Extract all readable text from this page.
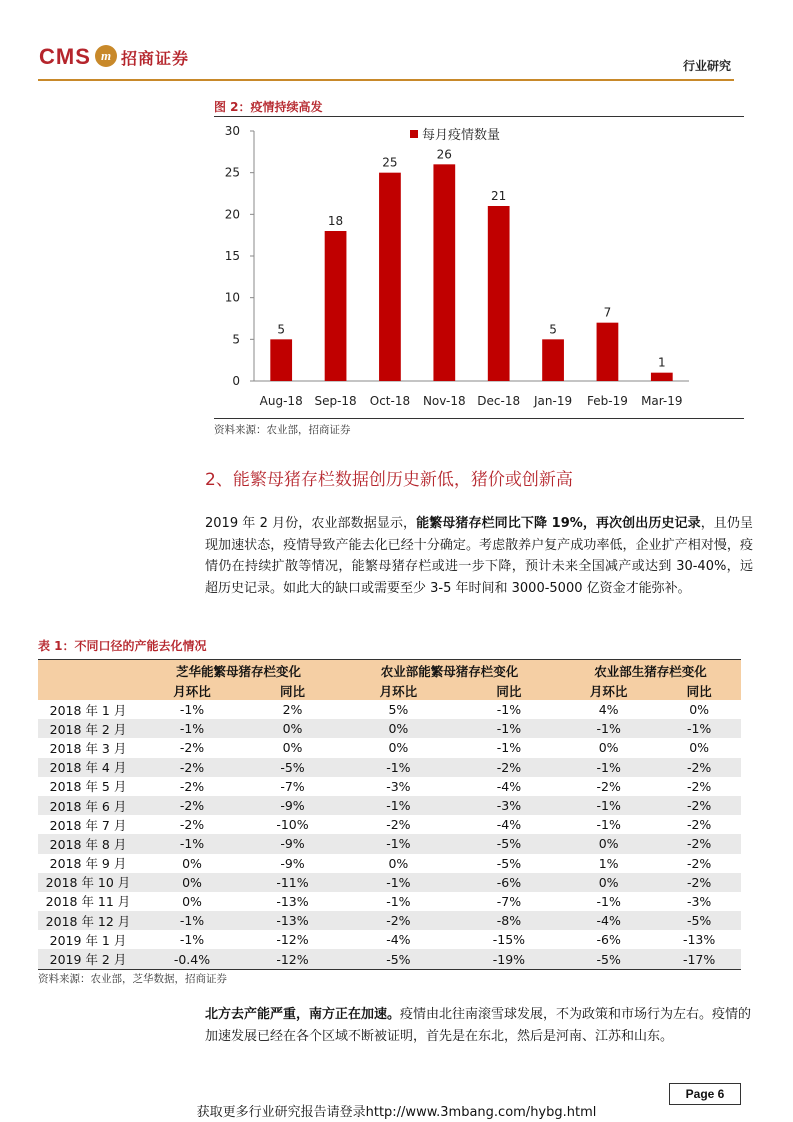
CMS m 招商证券	行业研究
图 2：疫情持续高发
0
5
10
15
20
25
30
5
Aug-18
18
Sep-18
25
Oct-18
26
Nov-18
21
Dec-18
5
Jan-19
7
Feb-19
1
Mar-19
每月疫情数量
资料来源：农业部，招商证券
2、能繁母猪存栏数据创历史新低，猪价或创新高
2019 年 2 月份，农业部数据显示，能繁母猪存栏同比下降 19%，再次创出历史记录，且仍呈现加速状态，疫情导致产能去化已经十分确定。考虑散养户复产成功率低，企业扩产相对慢，疫情仍在持续扩散等情况，能繁母猪存栏或进一步下降，预计未来全国减产或达到 30-40%，远超历史记录。如此大的缺口或需要至少 3-5 年时间和 3000-5000 亿资金才能弥补。
表 1：不同口径的产能去化情况
	芝华能繁母猪存栏变化		农业部能繁母猪存栏变化		农业部生猪存栏变化	
	月环比	同比	月环比	同比	月环比	同比
2018 年 1 月	-1%	2%	5%	-1%	4%	0%
2018 年 2 月	-1%	0%	0%	-1%	-1%	-1%
2018 年 3 月	-2%	0%	0%	-1%	0%	0%
2018 年 4 月	-2%	-5%	-1%	-2%	-1%	-2%
2018 年 5 月	-2%	-7%	-3%	-4%	-2%	-2%
2018 年 6 月	-2%	-9%	-1%	-3%	-1%	-2%
2018 年 7 月	-2%	-10%	-2%	-4%	-1%	-2%
2018 年 8 月	-1%	-9%	-1%	-5%	0%	-2%
2018 年 9 月	0%	-9%	0%	-5%	1%	-2%
2018 年 10 月	0%	-11%	-1%	-6%	0%	-2%
2018 年 11 月	0%	-13%	-1%	-7%	-1%	-3%
2018 年 12 月	-1%	-13%	-2%	-8%	-4%	-5%
2019 年 1 月	-1%	-12%	-4%	-15%	-6%	-13%
2019 年 2 月	-0.4%	-12%	-5%	-19%	-5%	-17%
资料来源：农业部，芝华数据，招商证券
北方去产能严重，南方正在加速。疫情由北往南滚雪球发展，不为政策和市场行为左右。疫情的加速发展已经在各个区域不断被证明，首先是在东北，然后是河南、江苏和山东。
Page 6
获取更多行业研究报告请登录http://www.3mbang.com/hybg.html
